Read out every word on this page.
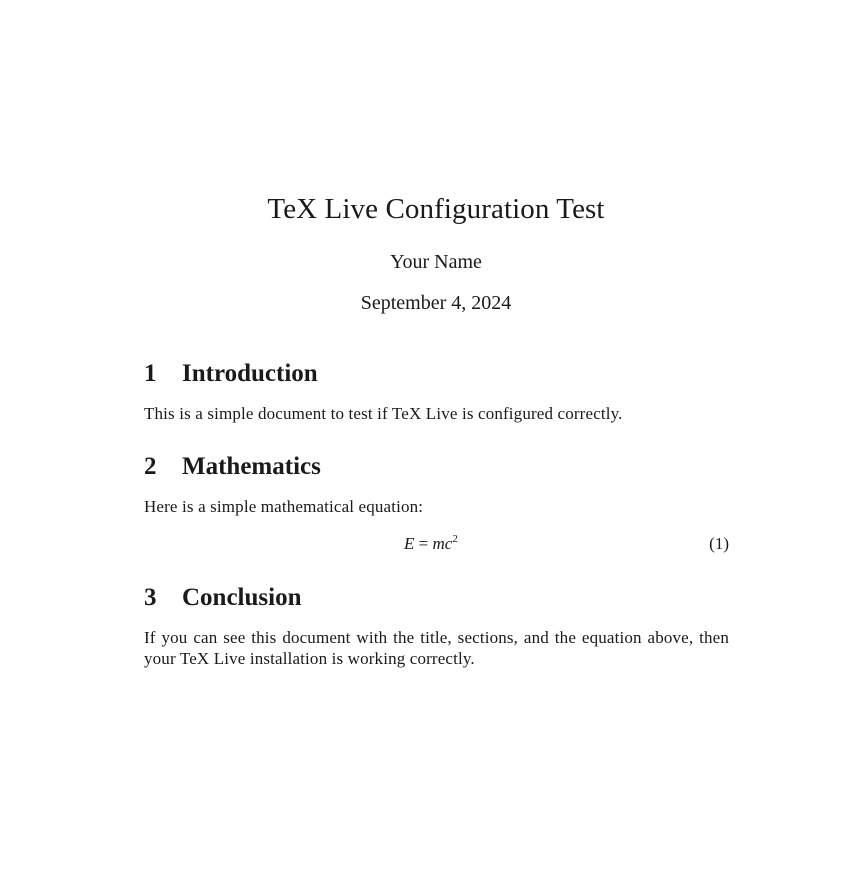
TeX Live Configuration Test
Your Name
September 4, 2024
1 Introduction
This is a simple document to test if TeX Live is configured correctly.
2 Mathematics
Here is a simple mathematical equation:
$E = mc^2$	(1)
3 Conclusion
If you can see this document with the title, sections, and the equation above, then your TeX Live installation is working correctly.
